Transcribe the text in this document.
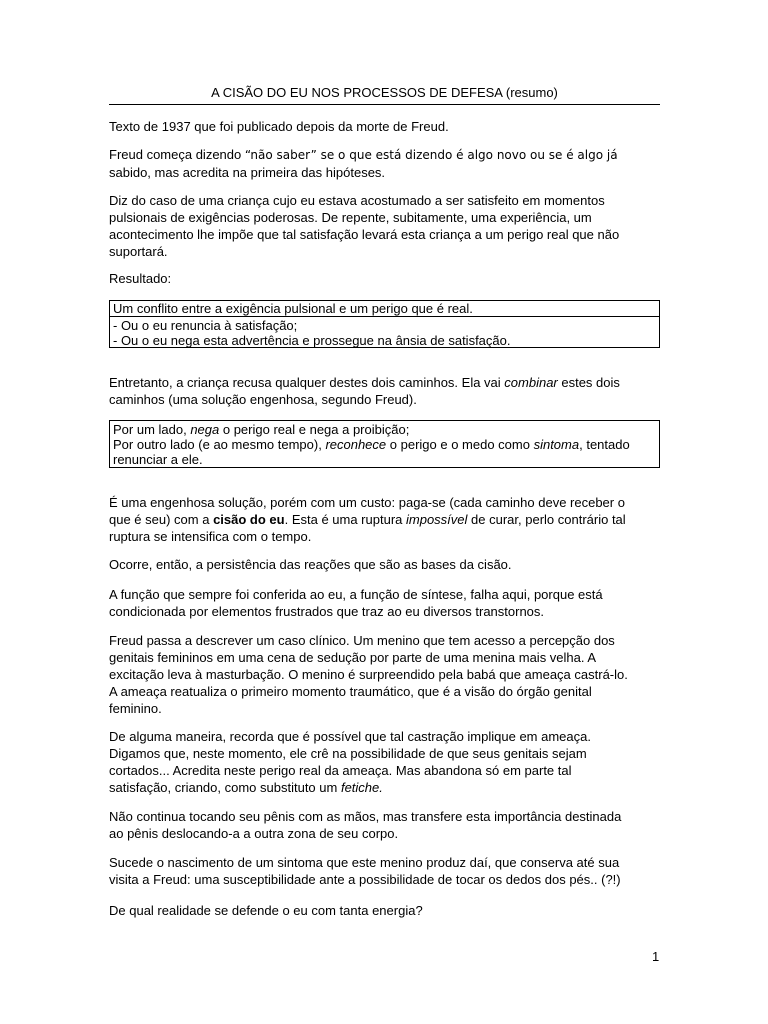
A CISÃO DO EU NOS PROCESSOS DE DEFESA (resumo)

Texto de 1937 que foi publicado depois da morte de Freud.

Freud começa dizendo “não saber” se o que está dizendo é algo novo ou se é algo já
sabido, mas acredita na primeira das hipóteses.

Diz do caso de uma criança cujo eu estava acostumado a ser satisfeito em momentos
pulsionais de exigências poderosas. De repente, subitamente, uma experiência, um
acontecimento lhe impõe que tal satisfação levará esta criança a um perigo real que não
suportará.

Resultado:

Um conflito entre a exigência pulsional e um perigo que é real.
- Ou o eu renuncia à satisfação;
- Ou o eu nega esta advertência e prossegue na ânsia de satisfação.

Entretanto, a criança recusa qualquer destes dois caminhos. Ela vai combinar estes dois
caminhos (uma solução engenhosa, segundo Freud).

Por um lado, nega o perigo real e nega a proibição;
Por outro lado (e ao mesmo tempo), reconhece o perigo e o medo como sintoma, tentado
renunciar a ele.

É uma engenhosa solução, porém com um custo: paga-se (cada caminho deve receber o
que é seu) com a cisão do eu. Esta é uma ruptura impossível de curar, perlo contrário tal
ruptura se intensifica com o tempo.

Ocorre, então, a persistência das reações que são as bases da cisão.

A função que sempre foi conferida ao eu, a função de síntese, falha aqui, porque está
condicionada por elementos frustrados que traz ao eu diversos transtornos.

Freud passa a descrever um caso clínico. Um menino que tem acesso a percepção dos
genitais femininos em uma cena de sedução por parte de uma menina mais velha. A
excitação leva à masturbação. O menino é surpreendido pela babá que ameaça castrá-lo.
A ameaça reatualiza o primeiro momento traumático, que é a visão do órgão genital
feminino.

De alguma maneira, recorda que é possível que tal castração implique em ameaça.
Digamos que, neste momento, ele crê na possibilidade de que seus genitais sejam
cortados... Acredita neste perigo real da ameaça. Mas abandona só em parte tal
satisfação, criando, como substituto um fetiche.

Não continua tocando seu pênis com as mãos, mas transfere esta importância destinada
ao pênis deslocando-a a outra zona de seu corpo.

Sucede o nascimento de um sintoma que este menino produz daí, que conserva até sua
visita a Freud: uma susceptibilidade ante a possibilidade de tocar os dedos dos pés.. (?!)

De qual realidade se defende o eu com tanta energia?

1
